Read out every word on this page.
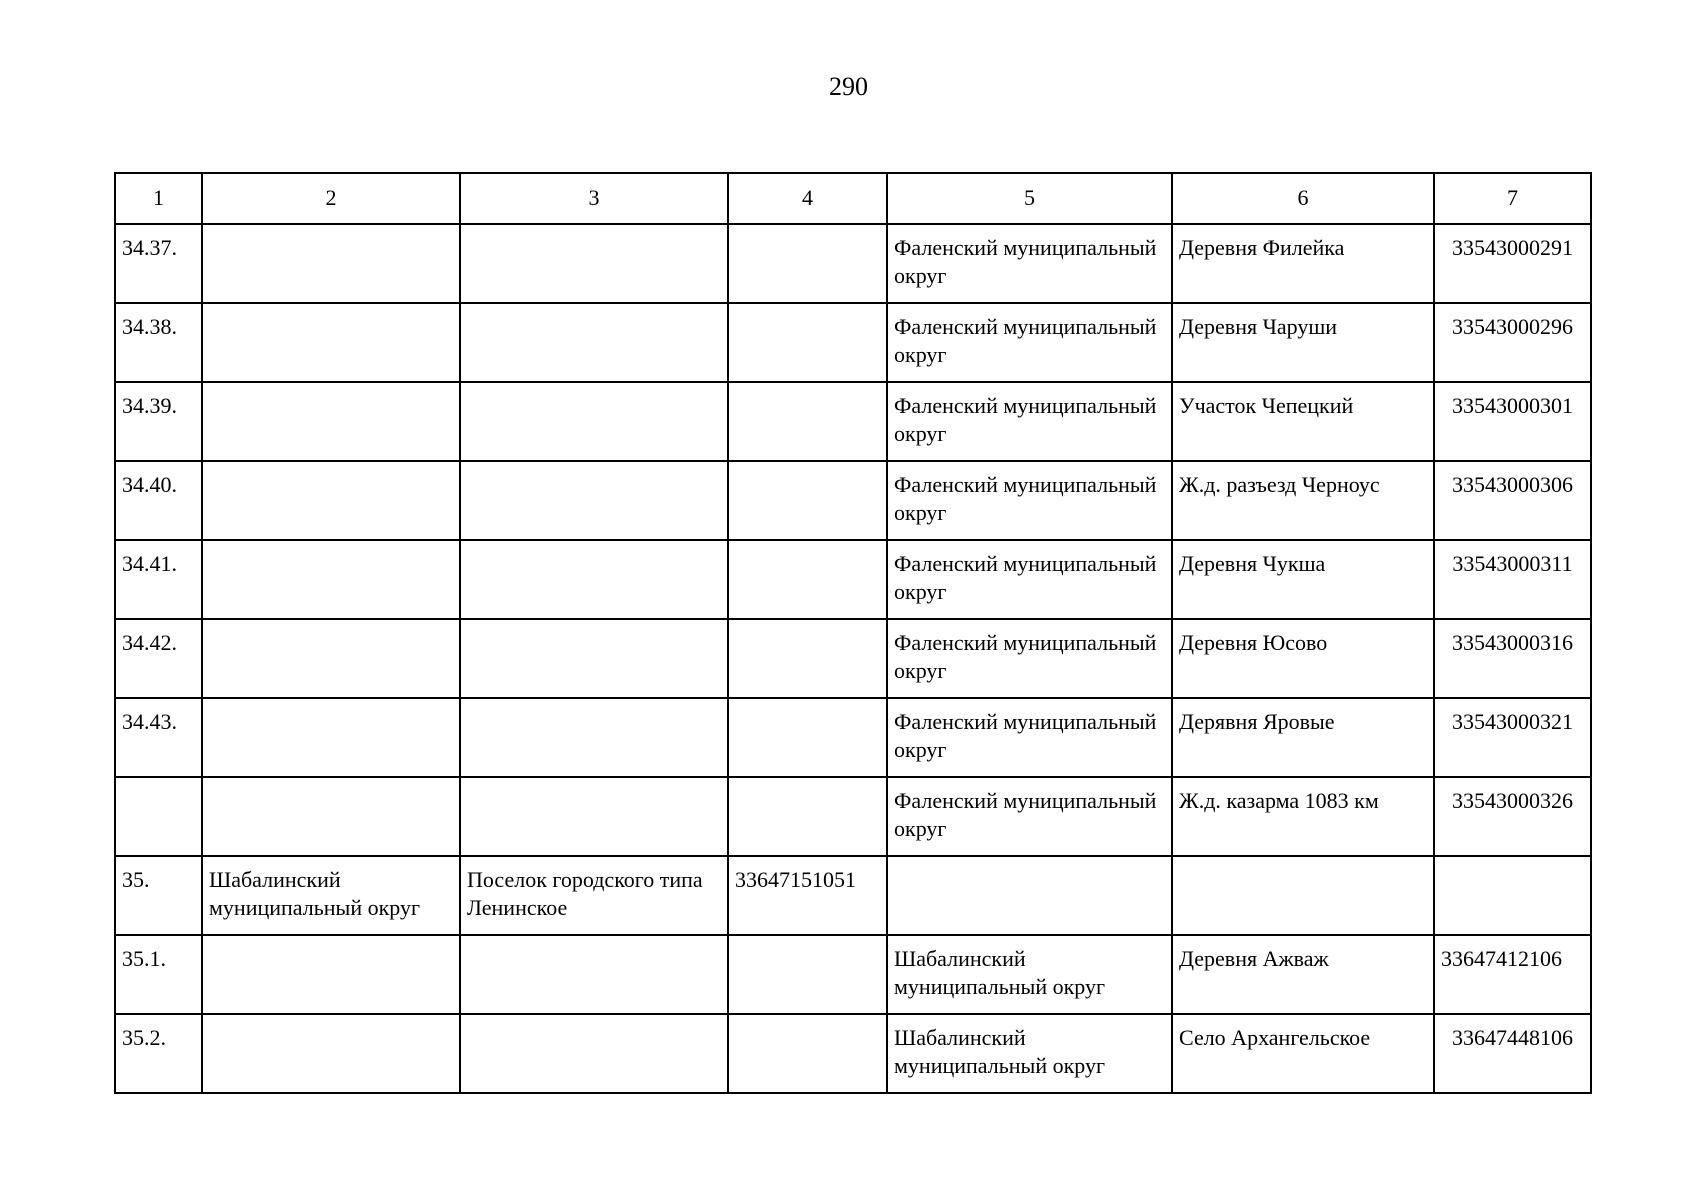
290
1	2	3	4	5	6	7
34.37.				Фаленский муниципальный округ	Деревня Филейка	33543000291
34.38.				Фаленский муниципальный округ	Деревня Чаруши	33543000296
34.39.				Фаленский муниципальный округ	Участок Чепецкий	33543000301
34.40.				Фаленский муниципальный округ	Ж.д. разъезд Черноус	33543000306
34.41.				Фаленский муниципальный округ	Деревня Чукша	33543000311
34.42.				Фаленский муниципальный округ	Деревня Юсово	33543000316
34.43.				Фаленский муниципальный округ	Дерявня Яровые	33543000321
				Фаленский муниципальный округ	Ж.д. казарма 1083 км	33543000326
35.	Шабалинский муниципальный округ	Поселок городского типа Ленинское	33647151051			
35.1.				Шабалинский муниципальный округ	Деревня Ажваж	33647412106
35.2.				Шабалинский муниципальный округ	Село Архангельское	33647448106
